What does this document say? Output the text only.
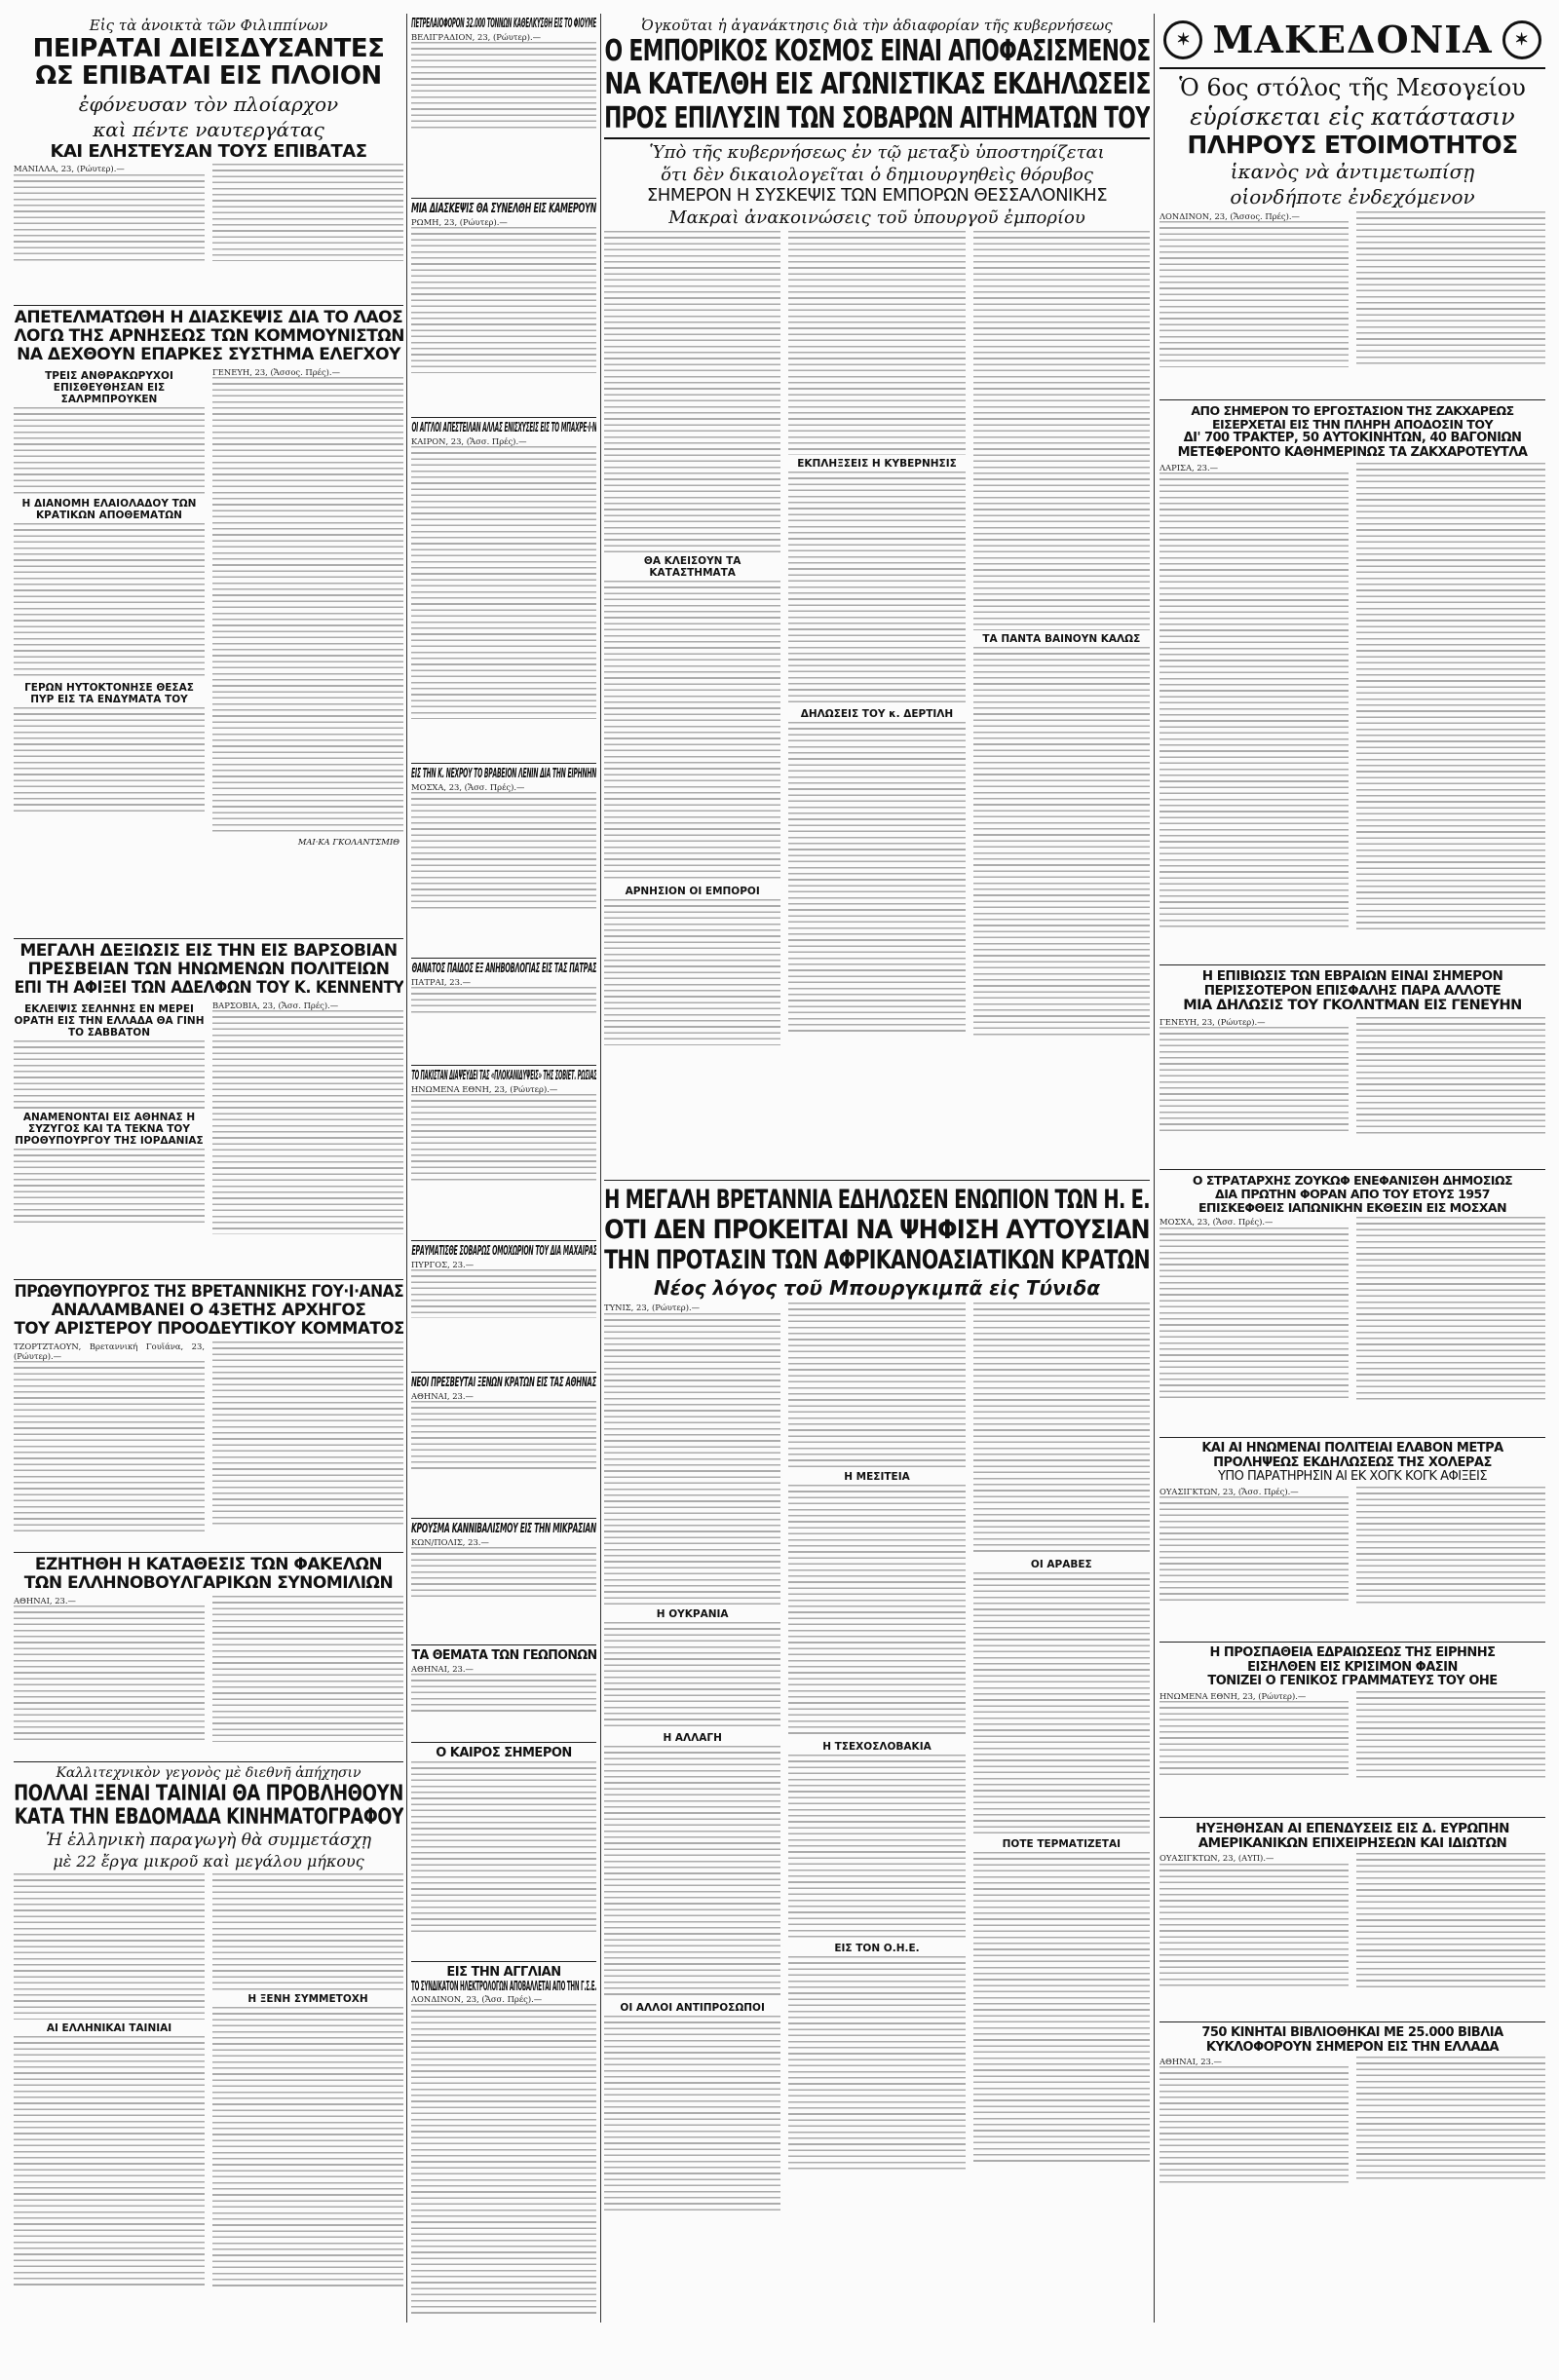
Εἰς τὰ ἀνοικτὰ τῶν Φιλιππίνων
ΠΕΙΡΑΤΑΙ ΔΙΕΙΣΔΥΣΑΝΤΕΣ
ΩΣ ΕΠΙΒΑΤΑΙ ΕΙΣ ΠΛΟΙΟΝ
ἐφόνευσαν τὸν πλοίαρχον
καὶ πέντε ναυτεργάτας
ΚΑΙ ΕΛΗΣΤΕΥΣΑΝ ΤΟΥΣ ΕΠΙΒΑΤΑΣ

ΜΑΝΙΛΛΑ, 23, (Ρώυτερ).—

ΑΠΕΤΕΛΜΑΤΩΘΗ Η ΔΙΑΣΚΕΨΙΣ ΔΙΑ ΤΟ ΛΑΟΣ
ΛΟΓΩ ΤΗΣ ΑΡΝΗΣΕΩΣ ΤΩΝ ΚΟΜΜΟΥΝΙΣΤΩΝ
ΝΑ ΔΕΧΘΟΥΝ ΕΠΑΡΚΕΣ ΣΥΣΤΗΜΑ ΕΛΕΓΧΟΥ
ΤΡΕΙΣ ΑΝΘΡΑΚΩΡΥΧΟΙ ΕΠΙΣΘΕΥΘΗΣΑΝ ΕΙΣ ΣΑΛΡΜΠΡΟΥΚΕΝ
Η ΔΙΑΝΟΜΗ ΕΛΑΙΟΛΑΔΟΥ ΤΩΝ ΚΡΑΤΙΚΩΝ ΑΠΟΘΕΜΑΤΩΝ
ΓΕΡΩΝ ΗΥΤΟΚΤΟΝΗΣΕ ΘΕΣΑΣ ΠΥΡ ΕΙΣ ΤΑ ΕΝΔΥΜΑΤΑ ΤΟΥ

ΓΕΝΕΥΗ, 23, (Ἄσσος. Πρές).—

ΜΑΙ·ΚΑ ΓΚΟΛΑΝΤΣΜΙΘ
ΜΕΓΑΛΗ ΔΕΞΙΩΣΙΣ ΕΙΣ ΤΗΝ ΕΙΣ ΒΑΡΣΟΒΙΑΝ
ΠΡΕΣΒΕΙΑΝ ΤΩΝ ΗΝΩΜΕΝΩΝ ΠΟΛΙΤΕΙΩΝ
ΕΠΙ ΤΗ ΑΦΙΞΕΙ ΤΩΝ ΑΔΕΛΦΩΝ ΤΟΥ Κ. ΚΕΝΝΕΝΤΥ
ΕΚΛΕΙΨΙΣ ΣΕΛΗΝΗΣ ΕΝ ΜΕΡΕΙ ΟΡΑΤΗ ΕΙΣ ΤΗΝ ΕΛΛΑΔΑ ΘΑ ΓΙΝΗ ΤΟ ΣΑΒΒΑΤΟΝ
ΑΝΑΜΕΝΟΝΤΑΙ ΕΙΣ ΑΘΗΝΑΣ Η ΣΥΖΥΓΟΣ ΚΑΙ ΤΑ ΤΕΚΝΑ ΤΟΥ ΠΡΟΘΥΠΟΥΡΓΟΥ ΤΗΣ ΙΟΡΔΑΝΙΑΣ

ΒΑΡΣΟΒΙΑ, 23, (Ἄσσ. Πρές).—

ΠΡΩΘΥΠΟΥΡΓΟΣ ΤΗΣ ΒΡΕΤΑΝΝΙΚΗΣ ΓΟΥ·Ι·ΑΝΑΣ
ΑΝΑΛΑΜΒΑΝΕΙ Ο 43ΕΤΗΣ ΑΡΧΗΓΟΣ
ΤΟΥ ΑΡΙΣΤΕΡΟΥ ΠΡΟΟΔΕΥΤΙΚΟΥ ΚΟΜΜΑΤΟΣ

ΤΖΟΡΤΖΤΑΟΥΝ, Βρεταννική Γουϊάνα, 23, (Ρώυτερ).—

ΕΖΗΤΗΘΗ Η ΚΑΤΑΘΕΣΙΣ ΤΩΝ ΦΑΚΕΛΩΝ
ΤΩΝ ΕΛΛΗΝΟΒΟΥΛΓΑΡΙΚΩΝ ΣΥΝΟΜΙΛΙΩΝ

ΑΘΗΝΑΙ, 23.—

Καλλιτεχνικὸν γεγονὸς μὲ διεθνῆ ἀπήχησιν
ΠΟΛΛΑΙ ΞΕΝΑΙ ΤΑΙΝΙΑΙ ΘΑ ΠΡΟΒΛΗΘΟΥΝ
ΚΑΤΑ ΤΗΝ ΕΒΔΟΜΑΔΑ ΚΙΝΗΜΑΤΟΓΡΑΦΟΥ
Ἡ ἑλληνικὴ παραγωγὴ θὰ συμμετάσχῃ
μὲ 22 ἔργα μικροῦ καὶ μεγάλου μήκους
ΑΙ ΕΛΛΗΝΙΚΑΙ ΤΑΙΝΙΑΙ
Η ΞΕΝΗ ΣΥΜΜΕΤΟΧΗ
ΠΕΤΡΕΛΑΙΟΦΟΡΟΝ 32.000 ΤΟΝΝΩΝ ΚΑΘΕΛΚΥΣΘΗ ΕΙΣ ΤΟ ΦΙΟΥΜΕ

ΒΕΛΙΓΡΑΔΙΟΝ, 23, (Ρώυτερ).—

ΜΙΑ ΔΙΑΣΚΕΨΙΣ ΘΑ ΣΥΝΕΛΘΗ ΕΙΣ ΚΑΜΕΡΟΥΝ

ΡΩΜΗ, 23, (Ρώυτερ).—

ΟΙ ΑΓΓΛΟΙ ΑΠΕΣΤΕΙΛΑΝ ΑΛΛΑΣ ΕΝΙΣΧΥΣΕΙΣ ΕΙΣ ΤΟ ΜΠΑΧΡΕ·Ι·Ν

ΚΑΙΡΟΝ, 23, (Ἄσσ. Πρές).—

ΕΙΣ ΤΗΝ Κ. ΝΕΧΡΟΥ ΤΟ ΒΡΑΒΕΙΟΝ ΛΕΝΙΝ ΔΙΑ ΤΗΝ ΕΙΡΗΝΗΝ

ΜΟΣΧΑ, 23, (Ἄσσ. Πρές).—

ΘΑΝΑΤΟΣ ΠΑΙΔΟΣ ΕΞ ΑΝΗΒΟΒΛΟΓΙΑΣ ΕΙΣ ΤΑΣ ΠΑΤΡΑΣ

ΠΑΤΡΑΙ, 23.—

ΤΟ ΠΑΚΙΣΤΑΝ ΔΙΑΨΕΥΔΕΙ ΤΑΣ «ΠΛΟΚΑΝΙΔΥΨΕΙΣ» ΤΗΣ ΣΟΒΙΕΤ. ΡΩΣΙΑΣ

ΗΝΩΜΕΝΑ ΕΘΝΗ, 23, (Ρώυτερ).—

ΕΡΑΥΜΑΤΙΣΘΕ ΣΟΒΑΡΩΣ ΟΜΟΧΩΡΙΟΝ ΤΟΥ ΔΙΑ ΜΑΧΑΙΡΑΣ

ΠΥΡΓΟΣ, 23.—

ΝΕΟΙ ΠΡΕΣΒΕΥΤΑΙ ΞΕΝΩΝ ΚΡΑΤΩΝ ΕΙΣ ΤΑΣ ΑΘΗΝΑΣ

ΑΘΗΝΑΙ, 23.—

ΚΡΟΥΣΜΑ ΚΑΝΝΙΒΑΛΙΣΜΟΥ ΕΙΣ ΤΗΝ ΜΙΚΡΑΣΙΑΝ

ΚΩΝ/ΠΟΛΙΣ, 23.—

ΤΑ ΘΕΜΑΤΑ ΤΩΝ ΓΕΩΠΟΝΩΝ

ΑΘΗΝΑΙ, 23.—

Ο ΚΑΙΡΟΣ ΣΗΜΕΡΟΝ
ΕΙΣ ΤΗΝ ΑΓΓΛΙΑΝ
ΤΟ ΣΥΝΔΙΚΑΤΟΝ ΗΛΕΚΤΡΟΛΟΓΩΝ ΑΠΟΒΑΛΛΕΤΑΙ ΑΠΟ ΤΗΝ Γ.Σ.Ε.

ΛΟΝΔΙΝΟΝ, 23, (Ἄσσ. Πρές).—

Ὀγκοῦται ἡ ἀγανάκτησις διὰ τὴν ἀδιαφορίαν τῆς κυβερνήσεως
Ο ΕΜΠΟΡΙΚΟΣ ΚΟΣΜΟΣ ΕΙΝΑΙ ΑΠΟΦΑΣΙΣΜΕΝΟΣ
ΝΑ ΚΑΤΕΛΘΗ ΕΙΣ ΑΓΩΝΙΣΤΙΚΑΣ ΕΚΔΗΛΩΣΕΙΣ
ΠΡΟΣ ΕΠΙΛΥΣΙΝ ΤΩΝ ΣΟΒΑΡΩΝ ΑΙΤΗΜΑΤΩΝ ΤΟΥ
Ὑπὸ τῆς κυβερνήσεως ἐν τῷ μεταξὺ ὑποστηρίζεται
ὅτι δὲν δικαιολογεῖται ὁ δημιουργηθεὶς θόρυβος
ΣΗΜΕΡΟΝ Η ΣΥΣΚΕΨΙΣ ΤΩΝ ΕΜΠΟΡΩΝ ΘΕΣΣΑΛΟΝΙΚΗΣ
Μακραὶ ἀνακοινώσεις τοῦ ὑπουργοῦ ἐμπορίου
ΘΑ ΚΛΕΙΣΟΥΝ ΤΑ ΚΑΤΑΣΤΗΜΑΤΑ
ΑΡΝΗΣΙΟΝ ΟΙ ΕΜΠΟΡΟΙ
ΕΚΠΛΗΞΣΕΙΣ Η ΚΥΒΕΡΝΗΣΙΣ
ΔΗΛΩΣΕΙΣ ΤΟΥ κ. ΔΕΡΤΙΛΗ
ΤΑ ΠΑΝΤΑ ΒΑΙΝΟΥΝ ΚΑΛΩΣ
Η ΜΕΓΑΛΗ ΒΡΕΤΑΝΝΙΑ ΕΔΗΛΩΣΕΝ ΕΝΩΠΙΟΝ ΤΩΝ Η. Ε.
ΟΤΙ ΔΕΝ ΠΡΟΚΕΙΤΑΙ ΝΑ ΨΗΦΙΣΗ ΑΥΤΟΥΣΙΑΝ
ΤΗΝ ΠΡΟΤΑΣΙΝ ΤΩΝ ΑΦΡΙΚΑΝΟΑΣΙΑΤΙΚΩΝ ΚΡΑΤΩΝ
Νέος λόγος τοῦ Μπουργκιμπᾶ εἰς Τύνιδα

ΤΥΝΙΣ, 23, (Ρώυτερ).—

Η ΟΥΚΡΑΝΙΑ
Η ΑΛΛΑΓΗ
ΟΙ ΑΛΛΟΙ ΑΝΤΙΠΡΟΣΩΠΟΙ
Η ΜΕΣΙΤΕΙΑ
Η ΤΣΕΧΟΣΛΟΒΑΚΙΑ
ΕΙΣ ΤΟΝ Ο.Η.Ε.
ΟΙ ΑΡΑΒΕΣ
ΠΟΤΕ ΤΕΡΜΑΤΙΖΕΤΑΙ
✶ ΜΑΚΕΔΟΝΙΑ	✶
Ὁ 6ος στόλος τῆς Μεσογείου
εὑρίσκεται εἰς κατάστασιν
ΠΛΗΡΟΥΣ ΕΤΟΙΜΟΤΗΤΟΣ
ἱκανὸς νὰ ἀντιμετωπίσῃ
οἱονδήποτε ἐνδεχόμενον

ΛΟΝΔΙΝΟΝ, 23, (Ἄσσος. Πρές).—

ΑΠΟ ΣΗΜΕΡΟΝ ΤΟ ΕΡΓΟΣΤΑΣΙΟΝ ΤΗΣ ΖΑΚΧΑΡΕΩΣ
ΕΙΣΕΡΧΕΤΑΙ ΕΙΣ ΤΗΝ ΠΛΗΡΗ ΑΠΟΔΟΣΙΝ ΤΟΥ
ΔΙ' 700 ΤΡΑΚΤΕΡ, 50 ΑΥΤΟΚΙΝΗΤΩΝ, 40 ΒΑΓΟΝΙΩΝ
ΜΕΤΕΦΕΡΟΝΤΟ ΚΑΘΗΜΕΡΙΝΩΣ ΤΑ ΖΑΚΧΑΡΟΤΕΥΤΛΑ

ΛΑΡΙΣΑ, 23.—

Η ΕΠΙΒΙΩΣΙΣ ΤΩΝ ΕΒΡΑΙΩΝ ΕΙΝΑΙ ΣΗΜΕΡΟΝ
ΠΕΡΙΣΣΟΤΕΡΟΝ ΕΠΙΣΦΑΛΗΣ ΠΑΡΑ ΑΛΛΟΤΕ
ΜΙΑ ΔΗΛΩΣΙΣ ΤΟΥ ΓΚΟΛΝΤΜΑΝ ΕΙΣ ΓΕΝΕΥΗΝ

ΓΕΝΕΥΗ, 23, (Ρώυτερ).—

Ο ΣΤΡΑΤΑΡΧΗΣ ΖΟΥΚΩΦ ΕΝΕΦΑΝΙΣΘΗ ΔΗΜΟΣΙΩΣ
ΔΙΑ ΠΡΩΤΗΝ ΦΟΡΑΝ ΑΠΟ ΤΟΥ ΕΤΟΥΣ 1957
ΕΠΙΣΚΕΦΘΕΙΣ ΙΑΠΩΝΙΚΗΝ ΕΚΘΕΣΙΝ ΕΙΣ ΜΟΣΧΑΝ

ΜΟΣΧΑ, 23, (Ἄσσ. Πρές).—

ΚΑΙ ΑΙ ΗΝΩΜΕΝΑΙ ΠΟΛΙΤΕΙΑΙ ΕΛΑΒΟΝ ΜΕΤΡΑ
ΠΡΟΛΗΨΕΩΣ ΕΚΔΗΛΩΣΕΩΣ ΤΗΣ ΧΟΛΕΡΑΣ
ΥΠΟ ΠΑΡΑΤΗΡΗΣΙΝ ΑΙ ΕΚ ΧΟΓΚ ΚΟΓΚ ΑΦΙΞΕΙΣ

ΟΥΑΣΙΓΚΤΩΝ, 23, (Ἄσσ. Πρές).—

Η ΠΡΟΣΠΑΘΕΙΑ ΕΔΡΑΙΩΣΕΩΣ ΤΗΣ ΕΙΡΗΝΗΣ
ΕΙΣΗΛΘΕΝ ΕΙΣ ΚΡΙΣΙΜΟΝ ΦΑΣΙΝ
ΤΟΝΙΖΕΙ Ο ΓΕΝΙΚΟΣ ΓΡΑΜΜΑΤΕΥΣ ΤΟΥ ΟΗΕ

ΗΝΩΜΕΝΑ ΕΘΝΗ, 23, (Ρώυτερ).—

ΗΥΞΗΘΗΣΑΝ ΑΙ ΕΠΕΝΔΥΣΕΙΣ ΕΙΣ Δ. ΕΥΡΩΠΗΝ
ΑΜΕΡΙΚΑΝΙΚΩΝ ΕΠΙΧΕΙΡΗΣΕΩΝ ΚΑΙ ΙΔΙΩΤΩΝ

ΟΥΑΣΙΓΚΤΩΝ, 23, (ΑΥΠ).—

750 ΚΙΝΗΤΑΙ ΒΙΒΛΙΟΘΗΚΑΙ ΜΕ 25.000 ΒΙΒΛΙΑ
ΚΥΚΛΟΦΟΡΟΥΝ ΣΗΜΕΡΟΝ ΕΙΣ ΤΗΝ ΕΛΛΑΔΑ

ΑΘΗΝΑΙ, 23.—
